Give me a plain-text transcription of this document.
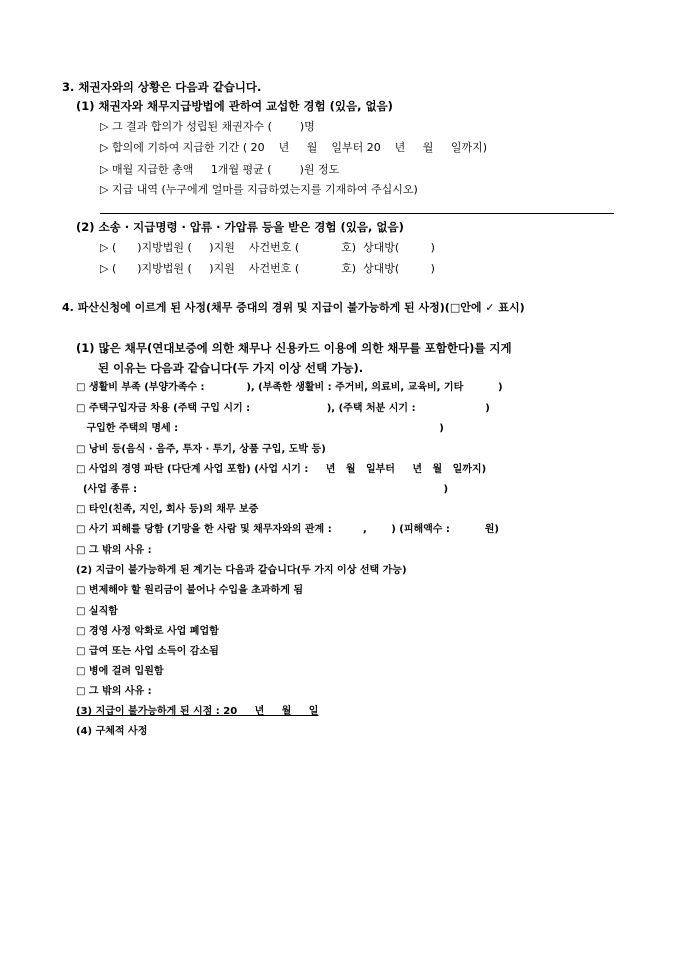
3. 채권자와의 상황은 다음과 같습니다.
(1) 채권자와 채무지급방법에 관하여 교섭한 경험 (있음, 없음)
▷ 그 결과 합의가 성립된 채권자수 (        )명
▷ 합의에 기하여 지급한 기간 ( 20    년     월    일부터 20    년     월     일까지)
▷ 매월 지급한 총액     1개월 평균 (        )원 정도
▷ 지급 내역 (누구에게 얼마를 지급하였는지를 기재하여 주십시오)
(2) 소송 · 지급명령 · 압류 · 가압류 등을 받은 경험 (있음, 없음)
▷ (      )지방법원 (     )지원    사건번호 (            호)  상대방(         )
▷ (      )지방법원 (     )지원    사건번호 (            호)  상대방(         )
4. 파산신청에 이르게 된 사정(채무 증대의 경위 및 지급이 불가능하게 된 사정)(□안에 ✓ 표시)
(1) 많은 채무(연대보증에 의한 채무나 신용카드 이용에 의한 채무를 포함한다)를 지게
된 이유는 다음과 같습니다(두 가지 이상 선택 가능).
□ 생활비 부족 (부양가족수 :            ), (부족한 생활비 : 주거비, 의료비, 교육비, 기타          )
□ 주택구입자금 차용 (주택 구입 시기 :                      ), (주택 처분 시기 :                    )
구입한 주택의 명세 :                                                                           )
□ 낭비 등(음식 · 음주, 투자 · 투기, 상품 구입, 도박 등)
□ 사업의 경영 파탄 (다단계 사업 포함) (사업 시기 :     년   월   일부터     년   월   일까지)
(사업 종류 :                                                                                        )
□ 타인(친족, 지인, 회사 등)의 채무 보증
□ 사기 피해를 당함 (기망을 한 사람 및 채무자와의 관계 :         ,       ) (피해액수 :          원)
□ 그 밖의 사유 :
(2) 지급이 불가능하게 된 계기는 다음과 같습니다(두 가지 이상 선택 가능)
□ 변제해야 할 원리금이 불어나 수입을 초과하게 됨
□ 실직함
□ 경영 사정 악화로 사업 폐업함
□ 급여 또는 사업 소득이 감소됨
□ 병에 걸려 입원함
□ 그 밖의 사유 :
(3) 지급이 불가능하게 된 시점 : 20     년     월     일
(4) 구체적 사정
